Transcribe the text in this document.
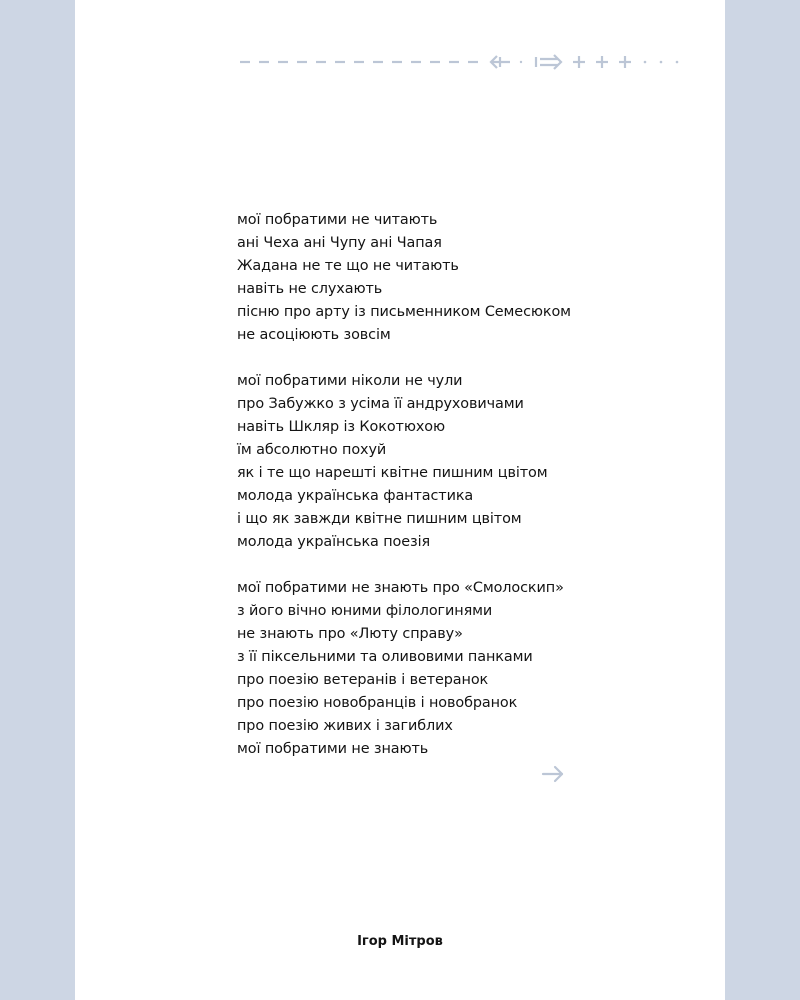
мої побратими не читають
ані Чеха ані Чупу ані Чапая
Жадана не те що не читають
навіть не слухають
пісню про арту із письменником Семесюком
не асоціюють зовсім
мої побратими ніколи не чули
про Забужко з усіма її андруховичами
навіть Шкляр із Кокотюхою
їм абсолютно похуй
як і те що нарешті квітне пишним цвітом
молода українська фантастика
і що як завжди квітне пишним цвітом
молода українська поезія
мої побратими не знають про «Смолоскип»
з його вічно юними філологинями
не знають про «Люту справу»
з її піксельними та оливовими панками
про поезію ветеранів і ветеранок
про поезію новобранців і новобранок
про поезію живих і загиблих
мої побратими не знають
Ігор Мітров
